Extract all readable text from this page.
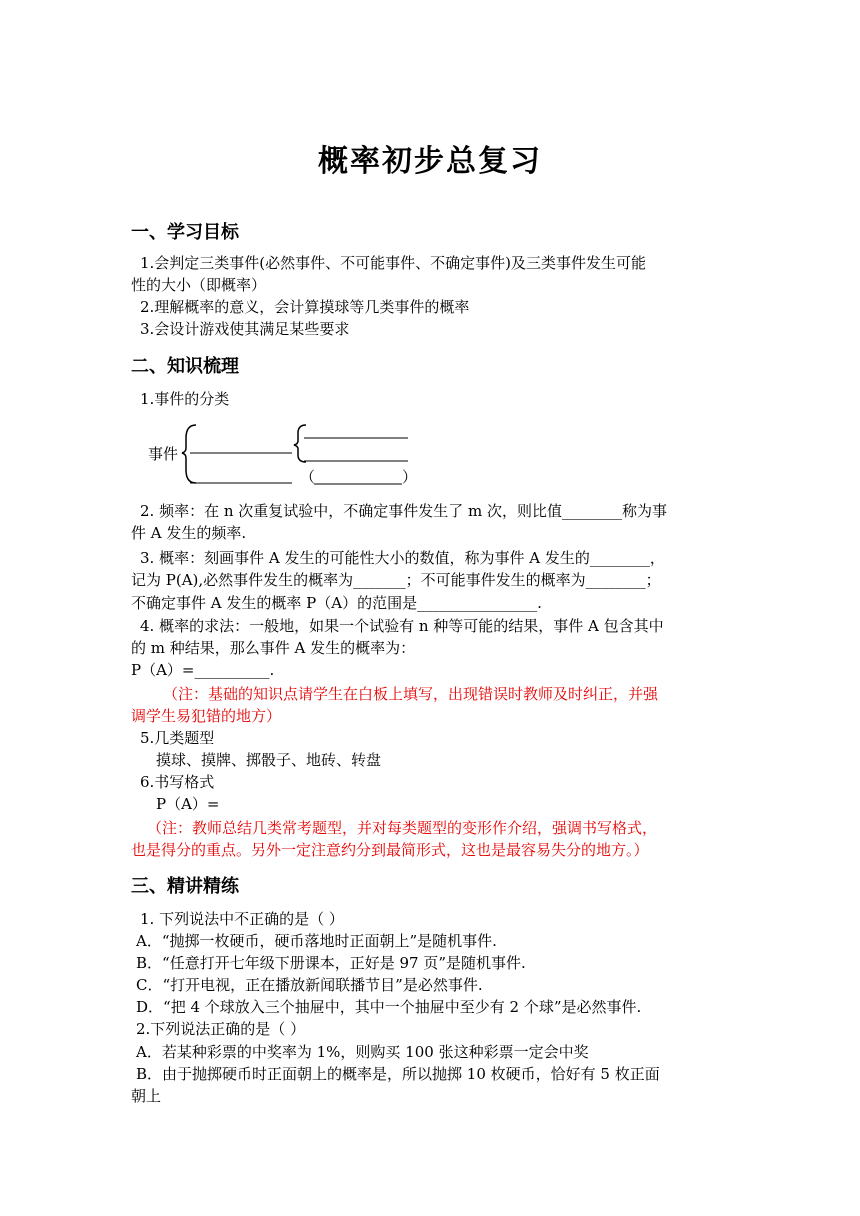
概率初步总复习
一、学习目标
1.会判定三类事件(必然事件、不可能事件、不确定事件)及三类事件发生可能
性的大小（即概率）
2.理解概率的意义，会计算摸球等几类事件的概率
3.会设计游戏使其满足某些要求
二、知识梳理
1.事件的分类
事件
（	）
2. 频率：在 n 次重复试验中，不确定事件发生了 m 次，则比值________称为事
件 A 发生的频率.
3. 概率：刻画事件 A 发生的可能性大小的数值，称为事件 A 发生的________，
记为 P(A),必然事件发生的概率为_______；不可能事件发生的概率为________；
不确定事件 A 发生的概率 P（A）的范围是________________.
4. 概率的求法：一般地，如果一个试验有 n 种等可能的结果，事件 A 包含其中
的 m 种结果，那么事件 A 发生的概率为：
P（A）=__________.
（注：基础的知识点请学生在白板上填写，出现错误时教师及时纠正，并强
调学生易犯错的地方）
5.几类题型
摸球、摸牌、掷骰子、地砖、转盘
6.书写格式
P（A）=
（注：教师总结几类常考题型，并对每类题型的变形作介绍，强调书写格式，
也是得分的重点。另外一定注意约分到最简形式，这也是最容易失分的地方。）
三、精讲精练
1. 下列说法中不正确的是（ ）
A．“抛掷一枚硬币，硬币落地时正面朝上”是随机事件.
B．“任意打开七年级下册课本，正好是 97 页”是随机事件.
C．“打开电视，正在播放新闻联播节目”是必然事件.
D．“把 4 个球放入三个抽屉中，其中一个抽屉中至少有 2 个球”是必然事件.
2.下列说法正确的是（ ）
A．若某种彩票的中奖率为 1%，则购买 100 张这种彩票一定会中奖
B．由于抛掷硬币时正面朝上的概率是，所以抛掷 10 枚硬币，恰好有 5 枚正面
朝上
